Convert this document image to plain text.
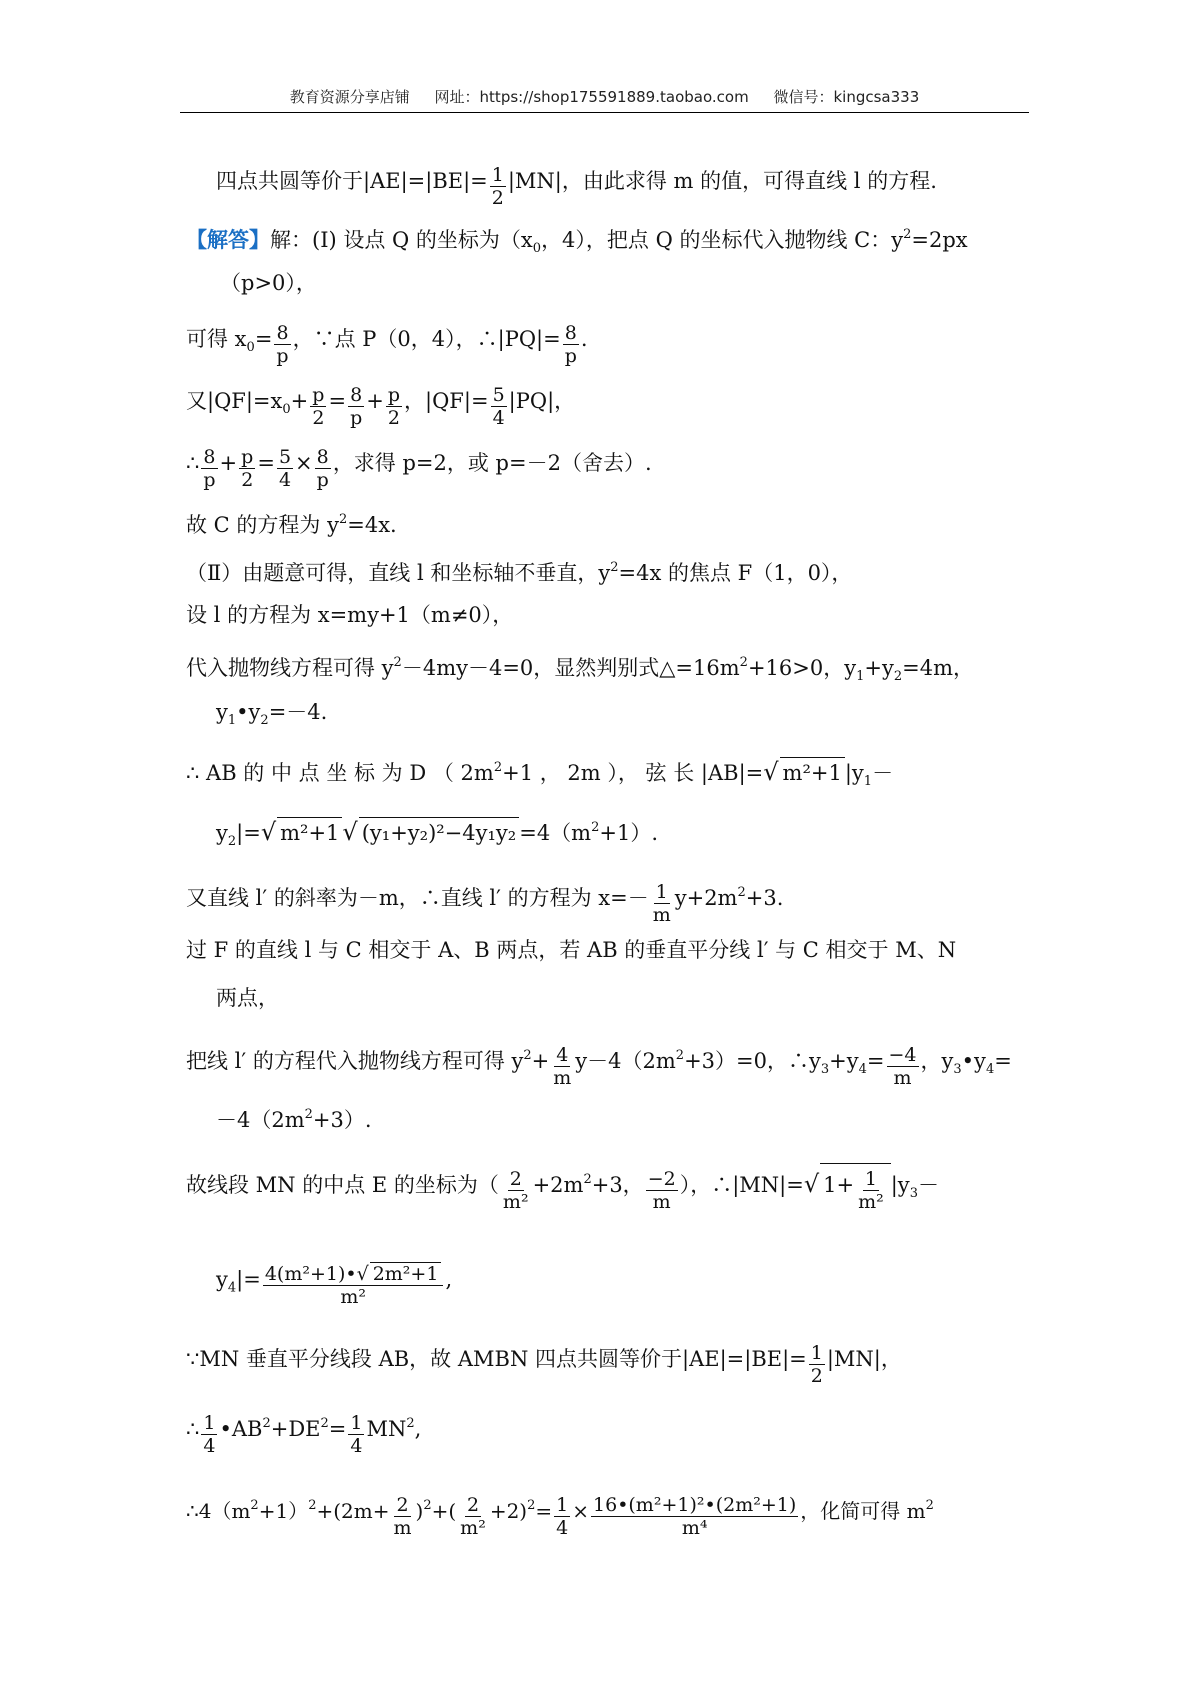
教育资源分享店铺 网址：https://shop175591889.taobao.com 微信号：kingcsa333
四点共圆等价于$|AE|=|BE|= \frac{1}{2} |MN|$，由此求得 m 的值，可得直线 l 的方程.
【解答】解：(Ⅰ) 设点 Q 的坐标为（$x_0$，4），把点 Q 的坐标代入抛物线 C：$y^2=2px$
（p>0），
可得 $x_0= \frac{8}{p}$ ，∵点 P（0，4），∴|PQ|= $\frac{8}{p}$ .
又$|QF|=x_0+ \frac{p}{2} = \frac{8}{p} + \frac{p}{2}$ ，$|QF|= \frac{5}{4} |PQ|$，
∴ $\frac{8}{p} + \frac{p}{2} = \frac{5}{4} \times \frac{8}{p}$ ，求得 p=2，或 p=－2（舍去）.
故 C 的方程为 $y^2=4x$.
（Ⅱ）由题意可得，直线 l 和坐标轴不垂直，$y^2=4x$ 的焦点 F（1，0），
设 l 的方程为 x=my+1（m≠0），
代入抛物线方程可得 $y^2-4my-4=0$，显然判别式$\triangle=16m^2+16>0$，$y_1+y_2=4m$，
$y_1•y_2=-4$.
∴ AB 的 中 点 坐 标 为 D （ $2m^2+1$ ， 2m ）， 弦 长 |AB|=√ m²+1 $|y_1-$
$y_2|=√$ m²+1 √ $(y_1+y_2)^2-4y_1y_2 =4(m^2+1)$.
又直线 l′ 的斜率为－m，∴直线 l′ 的方程为 $x=- \frac{1}{m} y+2m^2+3$.
过 F 的直线 l 与 C 相交于 A、B 两点，若 AB 的垂直平分线 l′ 与 C 相交于 M、N
两点，
把线 l′ 的方程代入抛物线方程可得 $y^2+ \frac{4}{m} y-4(2m^2+3)=0$，$\therefore y_3+y_4= \frac{-4}{m}$ ，$y_3•y_4=$
$-4(2m^2+3)$.
故线段 MN 的中点 E 的坐标为（ $\frac{2}{\text{m²}} +2m^2+3$， $\frac{-2}{m}$ ），∴|MN|=√ $1+ \frac{1}{\text{m²}} |y_3-$
$y_4|= \frac{\text{4(m²+1)•√ 2m²+1}}{\text{m²}}$ ,
∵MN 垂直平分线段 AB，故 AMBN 四点共圆等价于$|AE|=|BE|= \frac{1}{2} |MN|$，
∴ $\frac{1}{4}$ $•AB^2+DE^2= \frac{1}{4} MN^2$,
$\therefore 4(m^2+1)^2+(2m+ \frac{2}{m} )^2+( \frac{2}{\text{m²}} +2)^2= \frac{1}{4} \times \frac{\text{16•(m²+1)²•(2m²+1)}}{\text{m⁴}}$ ，化简可得 $m^2$
